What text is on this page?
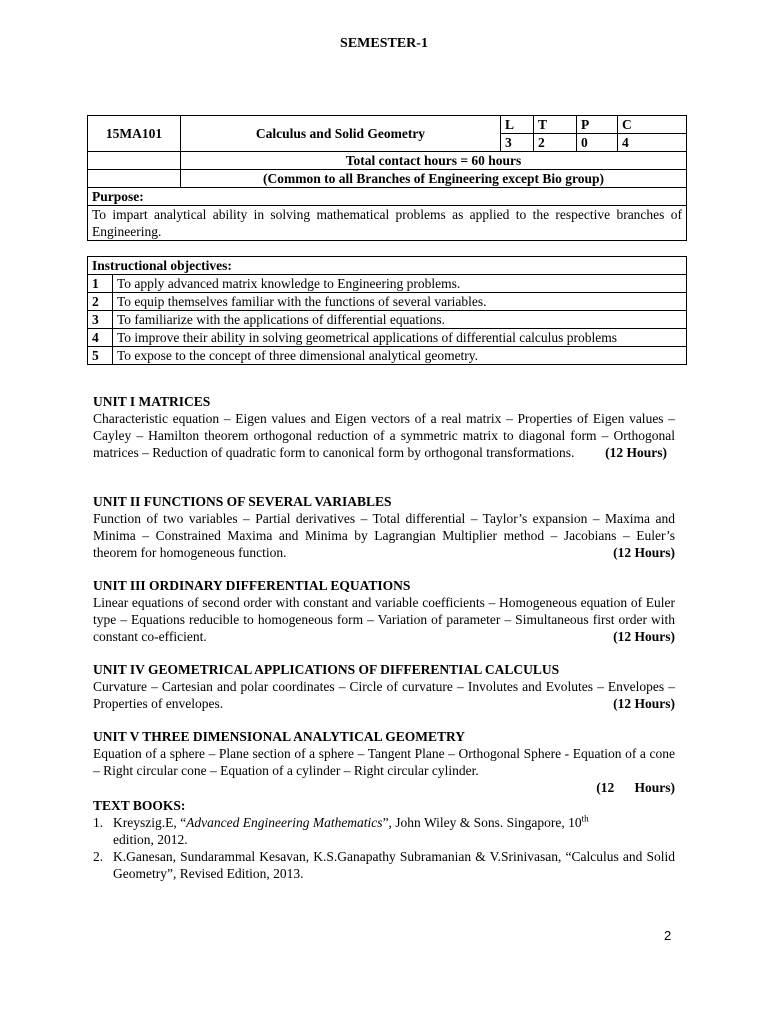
SEMESTER-1
15MA101	Calculus and Solid Geometry	L	T	P	C
		3	2	0	4
	Total contact hours = 60 hours				
	(Common to all Branches of Engineering except Bio group)				
Purpose:					
To impart analytical ability in solving mathematical problems as applied to the respective branches of Engineering.					
Instructional objectives:	
1	To apply advanced matrix knowledge to Engineering problems.
2	To equip themselves familiar with the functions of several variables.
3	To familiarize with the applications of differential equations.
4	To improve their ability in solving geometrical applications of differential calculus problems
5	To expose to the concept of three dimensional analytical geometry.
UNIT I MATRICES
Characteristic equation – Eigen values and Eigen vectors of a real matrix – Properties of Eigen values – Cayley – Hamilton theorem orthogonal reduction of a symmetric matrix to diagonal form – Orthogonal matrices – Reduction of quadratic form to canonical form by orthogonal transformations. (12 Hours)
UNIT II FUNCTIONS OF SEVERAL VARIABLES
Function of two variables – Partial derivatives – Total differential – Taylor’s expansion – Maxima and Minima – Constrained Maxima and Minima by Lagrangian Multiplier method – Jacobians – Euler’s theorem for homogeneous function.	(12 Hours)
UNIT III ORDINARY DIFFERENTIAL EQUATIONS
Linear equations of second order with constant and variable coefficients – Homogeneous equation of Euler type – Equations reducible to homogeneous form – Variation of parameter – Simultaneous first order with constant co-efficient.	(12 Hours)
UNIT IV GEOMETRICAL APPLICATIONS OF DIFFERENTIAL CALCULUS
Curvature – Cartesian and polar coordinates – Circle of curvature – Involutes and Evolutes – Envelopes – Properties of envelopes.	(12 Hours)
UNIT V THREE DIMENSIONAL ANALYTICAL GEOMETRY
Equation of a sphere – Plane section of a sphere – Tangent Plane – Orthogonal Sphere - Equation of a cone – Right circular cone – Equation of a cylinder – Right circular cylinder.
(12      Hours)
TEXT BOOKS:
1. Kreyszig.E, “Advanced Engineering Mathematics”, John Wiley & Sons. Singapore, 10th
edition, 2012.
2. K.Ganesan, Sundarammal Kesavan, K.S.Ganapathy Subramanian & V.Srinivasan, “Calculus and Solid Geometry”, Revised Edition, 2013.
2
